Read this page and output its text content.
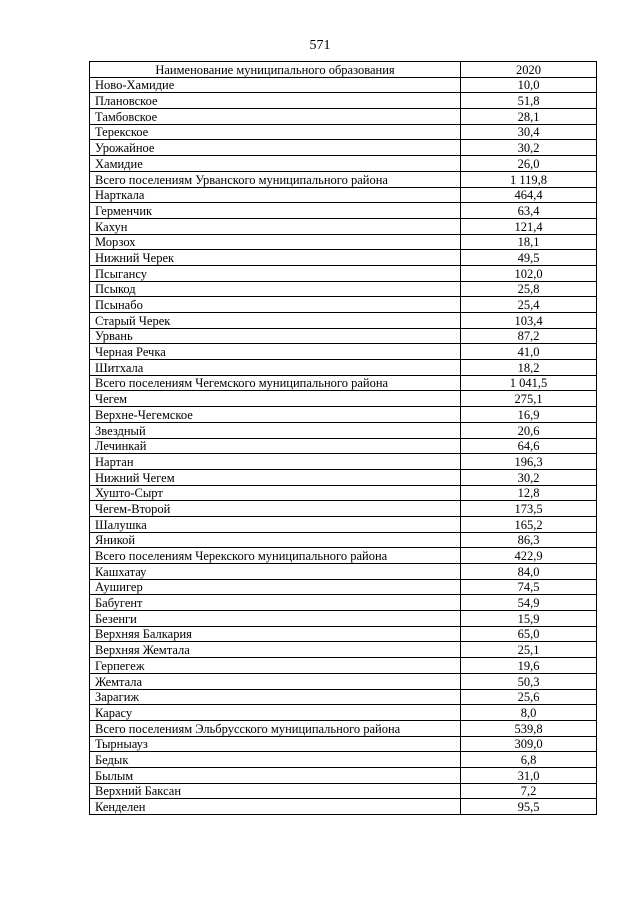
571
Наименование муниципального образования	2020
Ново-Хамидие	10,0
Плановское	51,8
Тамбовское	28,1
Терекское	30,4
Урожайное	30,2
Хамидие	26,0
Всего поселениям Урванского муниципального района	1 119,8
Нарткала	464,4
Герменчик	63,4
Кахун	121,4
Морзох	18,1
Нижний Черек	49,5
Псыгансу	102,0
Псыкод	25,8
Псынабо	25,4
Старый Черек	103,4
Урвань	87,2
Черная Речка	41,0
Шитхала	18,2
Всего поселениям Чегемского муниципального района	1 041,5
Чегем	275,1
Верхне-Чегемское	16,9
Звездный	20,6
Лечинкай	64,6
Нартан	196,3
Нижний Чегем	30,2
Хушто-Сырт	12,8
Чегем-Второй	173,5
Шалушка	165,2
Яникой	86,3
Всего поселениям Черекского муниципального района	422,9
Кашхатау	84,0
Аушигер	74,5
Бабугент	54,9
Безенги	15,9
Верхняя Балкария	65,0
Верхняя Жемтала	25,1
Герпегеж	19,6
Жемтала	50,3
Зарагиж	25,6
Карасу	8,0
Всего поселениям Эльбрусского муниципального района	539,8
Тырныауз	309,0
Бедык	6,8
Былым	31,0
Верхний Баксан	7,2
Кенделен	95,5
